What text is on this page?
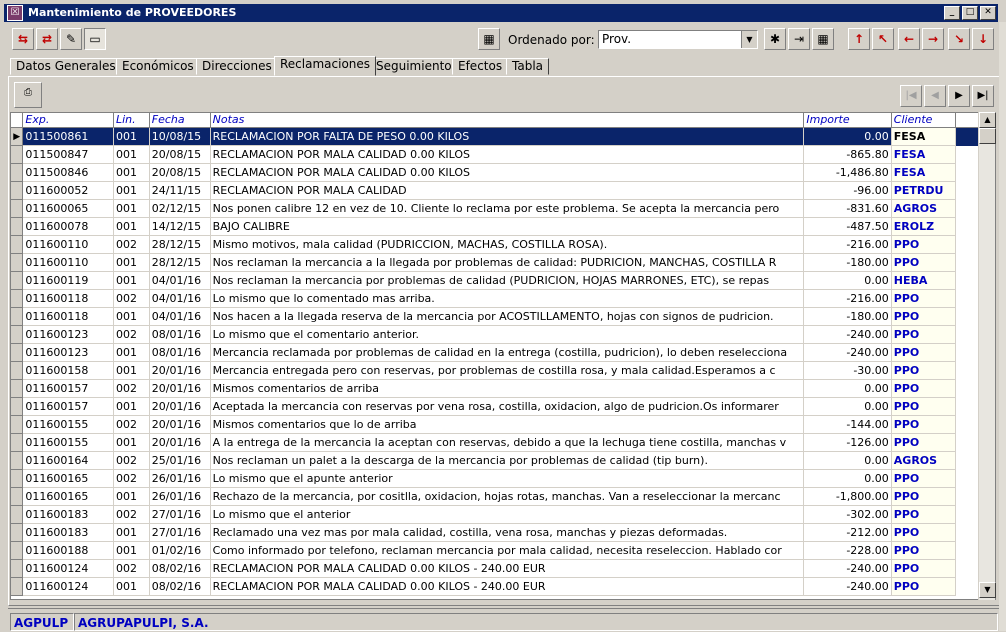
☒ Mantenimiento de PROVEEDORES	_	□	✕
⇆	⇄	✎	▭	▦	Ordenado por: Prov.	▼	✱	⇥	▦	↑	↖	←	→	↘	↓
Datos Generales Económicos Direcciones Reclamaciones Seguimiento Efectos Tabla
⎙	|◀	◀	▶	▶|
	Exp.	Lin.	Fecha	Notas	Importe	Cliente	
▶	011500861	001	10/08/15	RECLAMACION POR FALTA DE PESO 0.00 KILOS	0.00	FESA	
	011500847	001	20/08/15	RECLAMACION POR MALA CALIDAD 0.00 KILOS	-865.80	FESA	
	011500846	001	20/08/15	RECLAMACION POR MALA CALIDAD 0.00 KILOS	-1,486.80	FESA	
	011600052	001	24/11/15	RECLAMACION POR MALA CALIDAD	-96.00	PETRDU	
	011600065	001	02/12/15	Nos ponen calibre 12 en vez de 10. Cliente lo reclama por este problema. Se acepta la mercancia pero	-831.60	AGROS	
	011600078	001	14/12/15	BAJO CALIBRE	-487.50	EROLZ	
	011600110	002	28/12/15	Mismo motivos, mala calidad (PUDRICCION, MACHAS, COSTILLA ROSA).	-216.00	PPO	
	011600110	001	28/12/15	Nos reclaman la mercancia a la llegada por problemas de calidad: PUDRICION, MANCHAS, COSTILLA R	-180.00	PPO	
	011600119	001	04/01/16	Nos reclaman la mercancia por problemas de calidad (PUDRICION, HOJAS MARRONES, ETC), se repas	0.00	HEBA	
	011600118	002	04/01/16	Lo mismo que lo comentado mas arriba.	-216.00	PPO	
	011600118	001	04/01/16	Nos hacen a la llegada reserva de la mercancia por ACOSTILLAMENTO, hojas con signos de pudricion.	-180.00	PPO	
	011600123	002	08/01/16	Lo mismo que el comentario anterior.	-240.00	PPO	
	011600123	001	08/01/16	Mercancia reclamada por problemas de calidad en la entrega (costilla, pudricion), lo deben reselecciona	-240.00	PPO	
	011600158	001	20/01/16	Mercancia entregada pero con reservas, por problemas de costilla rosa, y mala calidad.Esperamos a c	-30.00	PPO	
	011600157	002	20/01/16	Mismos comentarios de arriba	0.00	PPO	
	011600157	001	20/01/16	Aceptada la mercancia con reservas por vena rosa, costilla, oxidacion, algo de pudricion.Os informarer	0.00	PPO	
	011600155	002	20/01/16	Mismos comentarios que lo de arriba	-144.00	PPO	
	011600155	001	20/01/16	A la entrega de la mercancia la aceptan con reservas, debido a que la lechuga tiene costilla, manchas v	-126.00	PPO	
	011600164	002	25/01/16	Nos reclaman un palet a la descarga de la mercancia por problemas de calidad (tip burn).	0.00	AGROS	
	011600165	002	26/01/16	Lo mismo que el apunte anterior	0.00	PPO	
	011600165	001	26/01/16	Rechazo de la mercancia, por cositlla, oxidacion, hojas rotas, manchas. Van a reseleccionar la mercanc	-1,800.00	PPO	
	011600183	002	27/01/16	Lo mismo que el anterior	-302.00	PPO	
	011600183	001	27/01/16	Reclamado una vez mas por mala calidad, costilla, vena rosa, manchas y piezas deformadas.	-212.00	PPO	
	011600188	001	01/02/16	Como informado por telefono, reclaman mercancia por mala calidad, necesita reseleccion. Hablado cor	-228.00	PPO	
	011600124	002	08/02/16	RECLAMACION POR MALA CALIDAD 0.00 KILOS - 240.00 EUR	-240.00	PPO	
	011600124	001	08/02/16	RECLAMACION POR MALA CALIDAD 0.00 KILOS - 240.00 EUR	-240.00	PPO	
▲
▼
AGPULP AGRUPAPULPI, S.A.
